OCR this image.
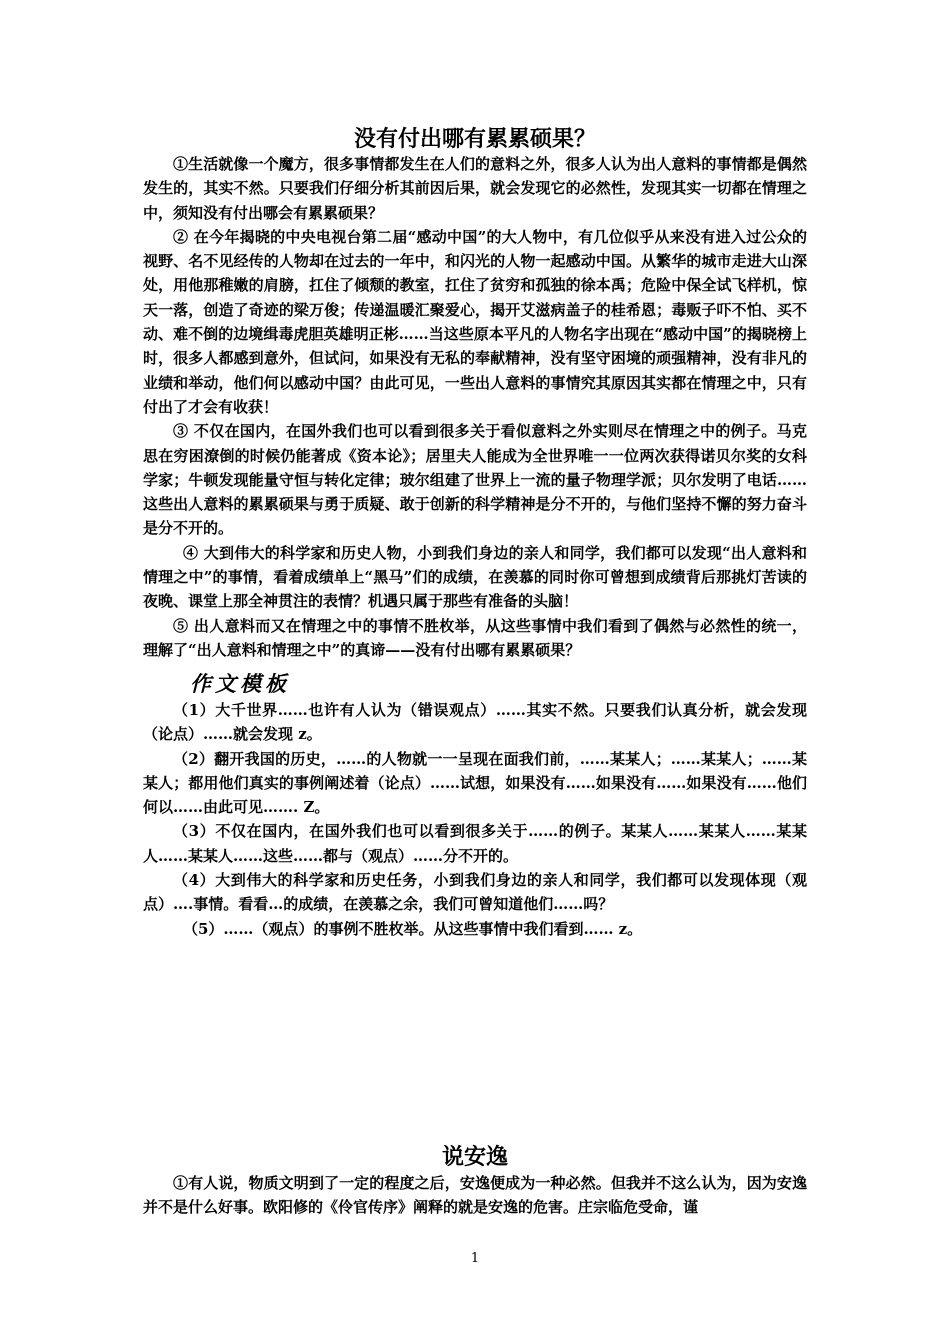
没有付出哪有累累硕果？

①生活就像一个魔方，很多事情都发生在人们的意料之外，很多人认为出人意料的事情都是偶然发生的，其实不然。只要我们仔细分析其前因后果，就会发现它的必然性，发现其实一切都在情理之中，须知没有付出哪会有累累硕果？

② 在今年揭晓的中央电视台第二届“感动中国”的大人物中，有几位似乎从来没有进入过公众的视野、名不见经传的人物却在过去的一年中，和闪光的人物一起感动中国。从繁华的城市走进大山深处，用他那稚嫩的肩膀，扛住了倾颓的教室，扛住了贫穷和孤独的徐本禹；危险中保全试飞样机，惊天一落，创造了奇迹的梁万俊；传递温暖汇聚爱心，揭开艾滋病盖子的桂希恩；毒贩子吓不怕、买不动、难不倒的边境缉毒虎胆英雄明正彬……当这些原本平凡的人物名字出现在“感动中国”的揭晓榜上时，很多人都感到意外，但试问，如果没有无私的奉献精神，没有坚守困境的顽强精神，没有非凡的业绩和举动，他们何以感动中国？由此可见，一些出人意料的事情究其原因其实都在情理之中，只有付出了才会有收获！

③ 不仅在国内，在国外我们也可以看到很多关于看似意料之外实则尽在情理之中的例子。马克思在穷困潦倒的时候仍能著成《资本论》；居里夫人能成为全世界唯一一位两次获得诺贝尔奖的女科学家；牛顿发现能量守恒与转化定律；玻尔组建了世界上一流的量子物理学派；贝尔发明了电话……这些出人意料的累累硕果与勇于质疑、敢于创新的科学精神是分不开的，与他们坚持不懈的努力奋斗是分不开的。

④ 大到伟大的科学家和历史人物，小到我们身边的亲人和同学，我们都可以发现“出人意料和情理之中”的事情，看着成绩单上“黑马”们的成绩，在羡慕的同时你可曾想到成绩背后那挑灯苦读的夜晚、课堂上那全神贯注的表情？机遇只属于那些有准备的头脑！

⑤ 出人意料而又在情理之中的事情不胜枚举，从这些事情中我们看到了偶然与必然性的统一，理解了“出人意料和情理之中”的真谛——没有付出哪有累累硕果？

作文模板

（1）大千世界……也许有人认为（错误观点）……其实不然。只要我们认真分析，就会发现（论点）……就会发现 z。

（2）翻开我国的历史，……的人物就一一呈现在面我们前，……某某人；……某某人；……某某人；都用他们真实的事例阐述着（论点）……试想，如果没有……如果没有……如果没有……他们何以……由此可见……. Z。

（3）不仅在国内，在国外我们也可以看到很多关于……的例子。某某人……某某人……某某人……某某人……这些……都与（观点）……分不开的。

（4）大到伟大的科学家和历史任务，小到我们身边的亲人和同学，我们都可以发现体现（观点）….事情。看看…的成绩，在羡慕之余，我们可曾知道他们……吗？

（5）……（观点）的事例不胜枚举。从这些事情中我们看到…… z。

说安逸

①有人说，物质文明到了一定的程度之后，安逸便成为一种必然。但我并不这么认为，因为安逸并不是什么好事。欧阳修的《伶官传序》阐释的就是安逸的危害。庄宗临危受命，谨

1
